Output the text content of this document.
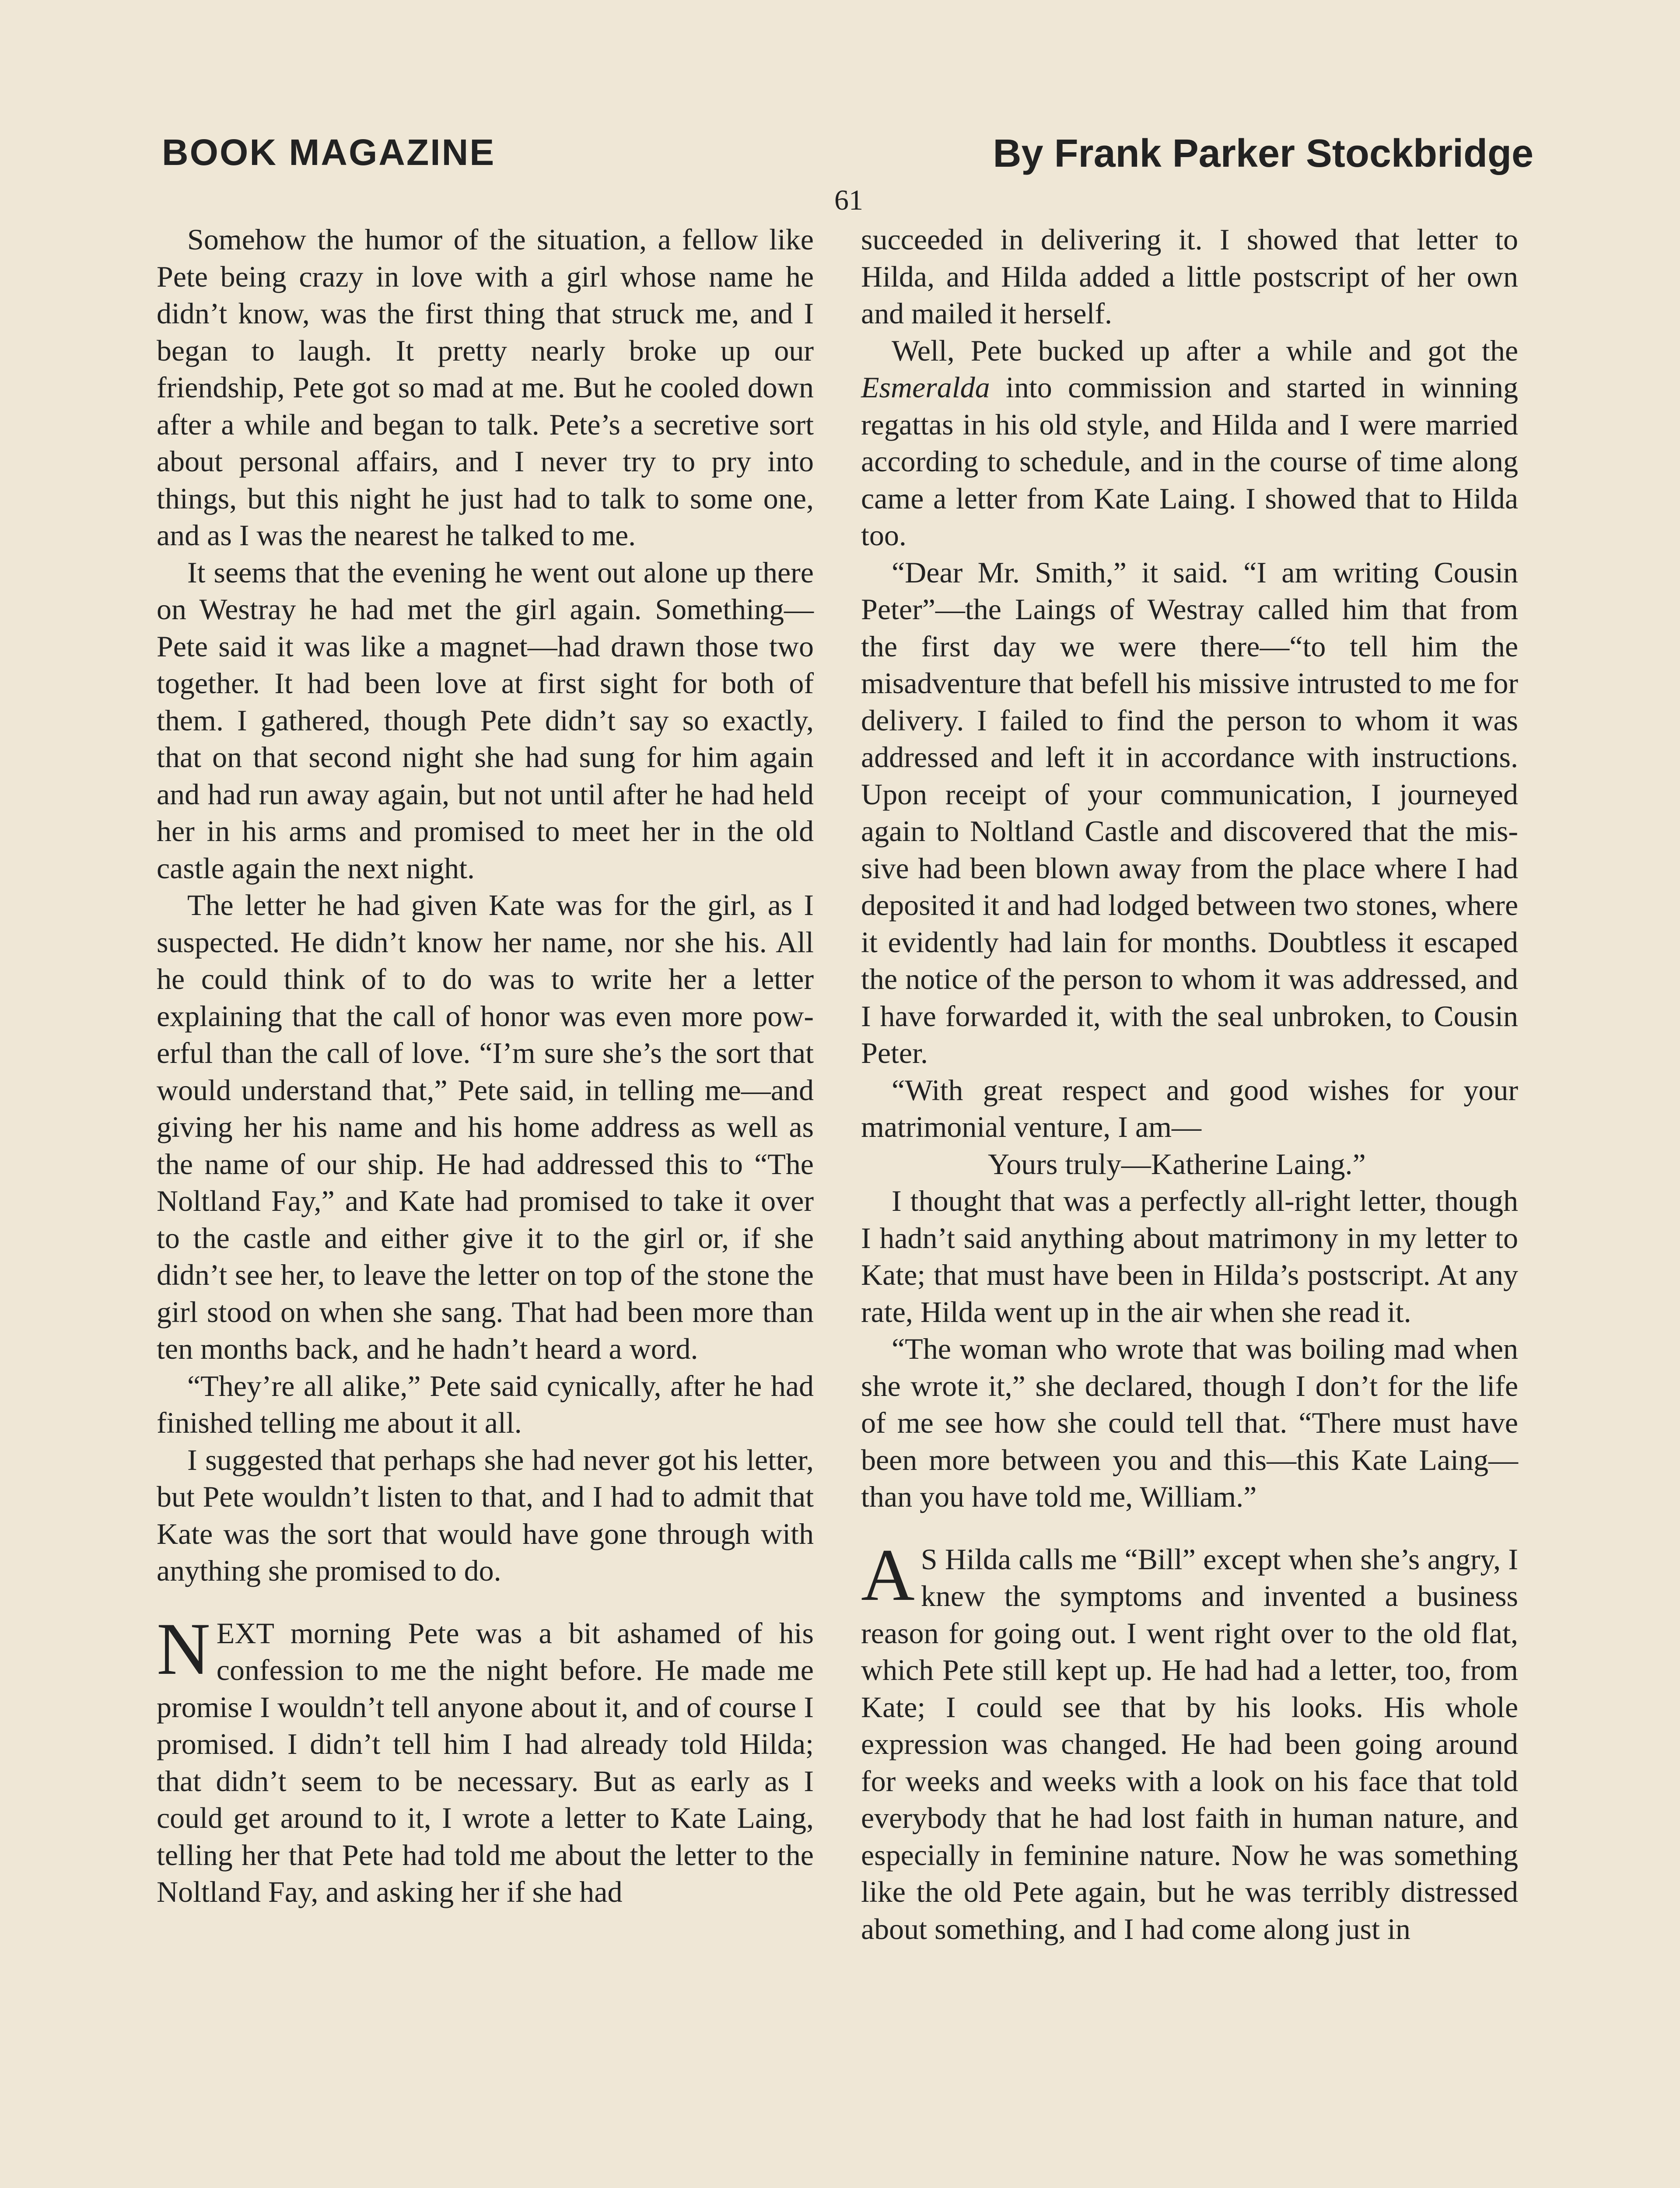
BOOK MAGAZINE	By Frank Parker Stockbridge
61

Somehow the humor of the situation, a fellow like Pete being crazy in love with a girl whose name he didn’t know, was the first thing that struck me, and I began to laugh. It pretty nearly broke up our friendship, Pete got so mad at me. But he cooled down after a while and began to talk. Pete’s a secretive sort about personal affairs, and I never try to pry into things, but this night he just had to talk to some one, and as I was the nearest he talked to me.

It seems that the evening he went out alone up there on Westray he had met the girl again. Something—Pete said it was like a magnet—had drawn those two together. It had been love at first sight for both of them. I gathered, though Pete didn’t say so exactly, that on that second night she had sung for him again and had run away again, but not until after he had held her in his arms and promised to meet her in the old castle again the next night.

The letter he had given Kate was for the girl, as I suspected. He didn’t know her name, nor she his. All he could think of to do was to write her a letter explaining that the call of honor was even more powerful than the call of love. “I’m sure she’s the sort that would understand that,” Pete said, in telling me—and giving her his name and his home address as well as the name of our ship. He had addressed this to “The Noltland Fay,” and Kate had promised to take it over to the castle and either give it to the girl or, if she didn’t see her, to leave the letter on top of the stone the girl stood on when she sang. That had been more than ten months back, and he hadn’t heard a word.

“They’re all alike,” Pete said cynically, after he had finished telling me about it all.

I suggested that perhaps she had never got his letter, but Pete wouldn’t listen to that, and I had to admit that Kate was the sort that would have gone through with anything she promised to do.

NEXT morning Pete was a bit ashamed of his confession to me the night before. He made me promise I wouldn’t tell anyone about it, and of course I promised. I didn’t tell him I had already told Hilda; that didn’t seem to be necessary. But as early as I could get around to it, I wrote a letter to Kate Laing, telling her that Pete had told me about the letter to the Noltland Fay, and asking her if she had

succeeded in delivering it. I showed that letter to Hilda, and Hilda added a little postscript of her own and mailed it herself.

Well, Pete bucked up after a while and got the Esmeralda into commission and started in winning regattas in his old style, and Hilda and I were married according to schedule, and in the course of time along came a letter from Kate Laing. I showed that to Hilda too.

“Dear Mr. Smith,” it said. “I am writing Cousin Peter”—the Laings of Westray called him that from the first day we were there—“to tell him the misadventure that befell his missive intrusted to me for delivery. I failed to find the person to whom it was addressed and left it in accordance with instructions. Upon receipt of your communication, I journeyed again to Noltland Castle and discovered that the missive had been blown away from the place where I had deposited it and had lodged between two stones, where it evidently had lain for months. Doubtless it escaped the notice of the person to whom it was addressed, and I have forwarded it, with the seal unbroken, to Cousin Peter.

“With great respect and good wishes for your matrimonial venture, I am—

Yours truly—Katherine Laing.”

I thought that was a perfectly all-right letter, though I hadn’t said anything about matrimony in my letter to Kate; that must have been in Hilda’s postscript. At any rate, Hilda went up in the air when she read it.

“The woman who wrote that was boiling mad when she wrote it,” she declared, though I don’t for the life of me see how she could tell that. “There must have been more between you and this—this Kate Laing—than you have told me, William.”

A S Hilda calls me “Bill” except when she’s angry, I knew the symptoms and invented a business reason for going out. I went right over to the old flat, which Pete still kept up. He had had a letter, too, from Kate; I could see that by his looks. His whole expression was changed. He had been going around for weeks and weeks with a look on his face that told everybody that he had lost faith in human nature, and especially in feminine nature. Now he was something like the old Pete again, but he was terribly distressed about something, and I had come along just in
